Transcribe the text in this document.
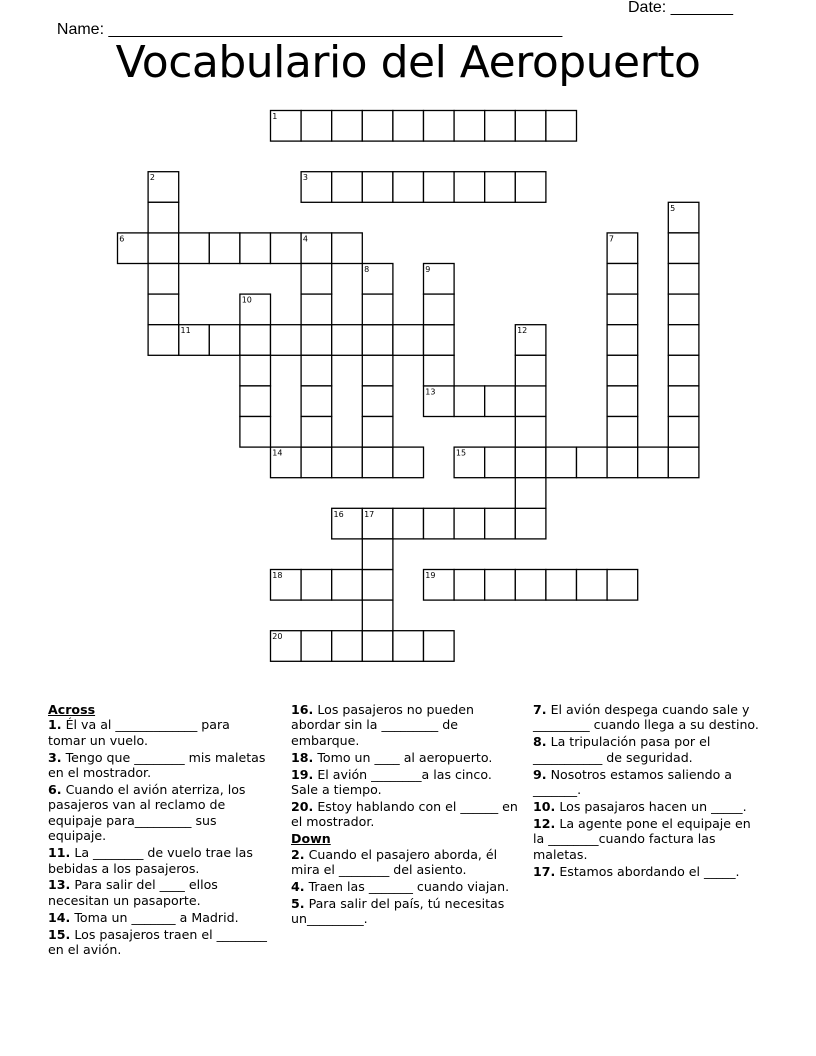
Name: ___________________________________________________

Date: _______

Vocabulario del Aeropuerto
1
3
6
11
13
14	15
16
18	19
20
2
4
5
7
8	9
10
12
17
Across
1. Él va al _____________ para tomar un vuelo.
3. Tengo que ________ mis maletas en el mostrador.
6. Cuando el avión aterriza, los pasajeros van al reclamo de equipaje para_________ sus equipaje.
11. La ________ de vuelo trae las bebidas a los pasajeros.
13. Para salir del ____ ellos necesitan un pasaporte.
14. Toma un _______ a Madrid.
15. Los pasajeros traen el ________ en el avión.
16. Los pasajeros no pueden abordar sin la _________ de embarque.
18. Tomo un ____ al aeropuerto.
19. El avión ________a las cinco. Sale a tiempo.
20. Estoy hablando con el ______ en el mostrador.
Down
2. Cuando el pasajero aborda, él mira el ________ del asiento.
4. Traen las _______ cuando viajan.
5. Para salir del país, tú necesitas un_________.
7. El avión despega cuando sale y _________ cuando llega a su destino.
8. La tripulación pasa por el ___________ de seguridad.
9. Nosotros estamos saliendo a _______.
10. Los pasajaros hacen un _____.
12. La agente pone el equipaje en la ________cuando factura las maletas.
17. Estamos abordando el _____.
